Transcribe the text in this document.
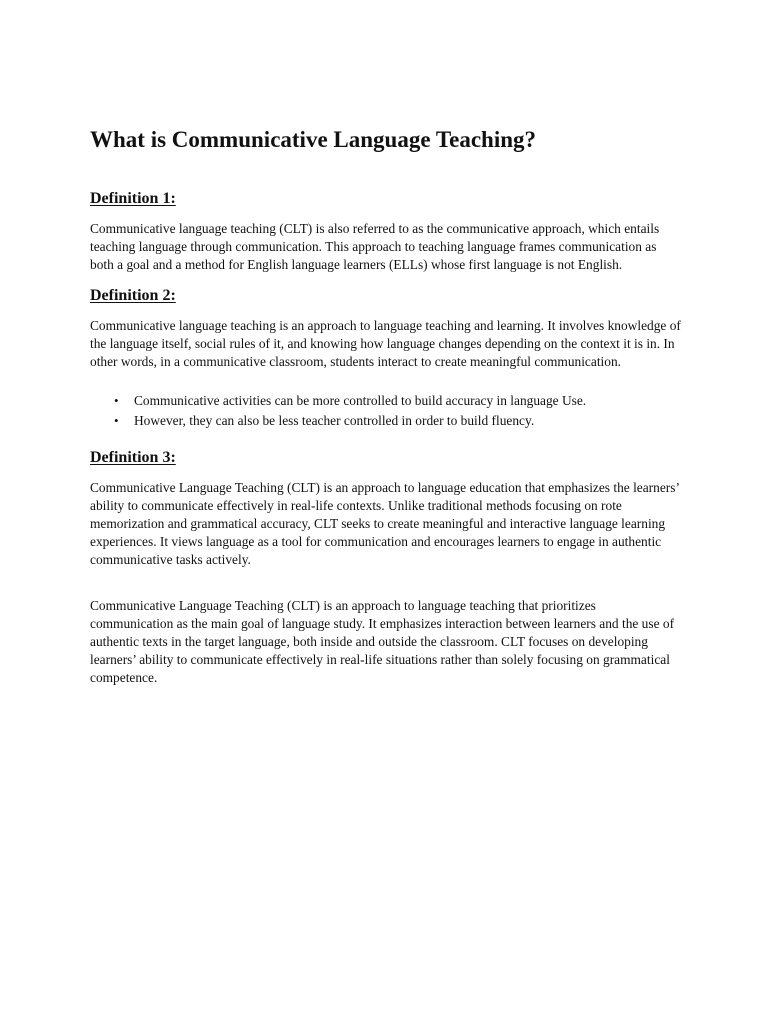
What is Communicative Language Teaching?
Definition 1:

Communicative language teaching (CLT) is also referred to as the communicative approach, which entails teaching language through communication. This approach to teaching language frames communication as both a goal and a method for English language learners (ELLs) whose first language is not English.

Definition 2:

Communicative language teaching is an approach to language teaching and learning. It involves knowledge of the language itself, social rules of it, and knowing how language changes depending on the context it is in. In other words, in a communicative classroom, students interact to create meaningful communication.

• Communicative activities can be more controlled to build accuracy in language Use.
• However, they can also be less teacher controlled in order to build fluency.
Definition 3:

Communicative Language Teaching (CLT) is an approach to language education that emphasizes the learners’ ability to communicate effectively in real-life contexts. Unlike traditional methods focusing on rote memorization and grammatical accuracy, CLT seeks to create meaningful and interactive language learning experiences. It views language as a tool for communication and encourages learners to engage in authentic communicative tasks actively.

Communicative Language Teaching (CLT) is an approach to language teaching that prioritizes communication as the main goal of language study. It emphasizes interaction between learners and the use of authentic texts in the target language, both inside and outside the classroom. CLT focuses on developing learners’ ability to communicate effectively in real-life situations rather than solely focusing on grammatical competence.
